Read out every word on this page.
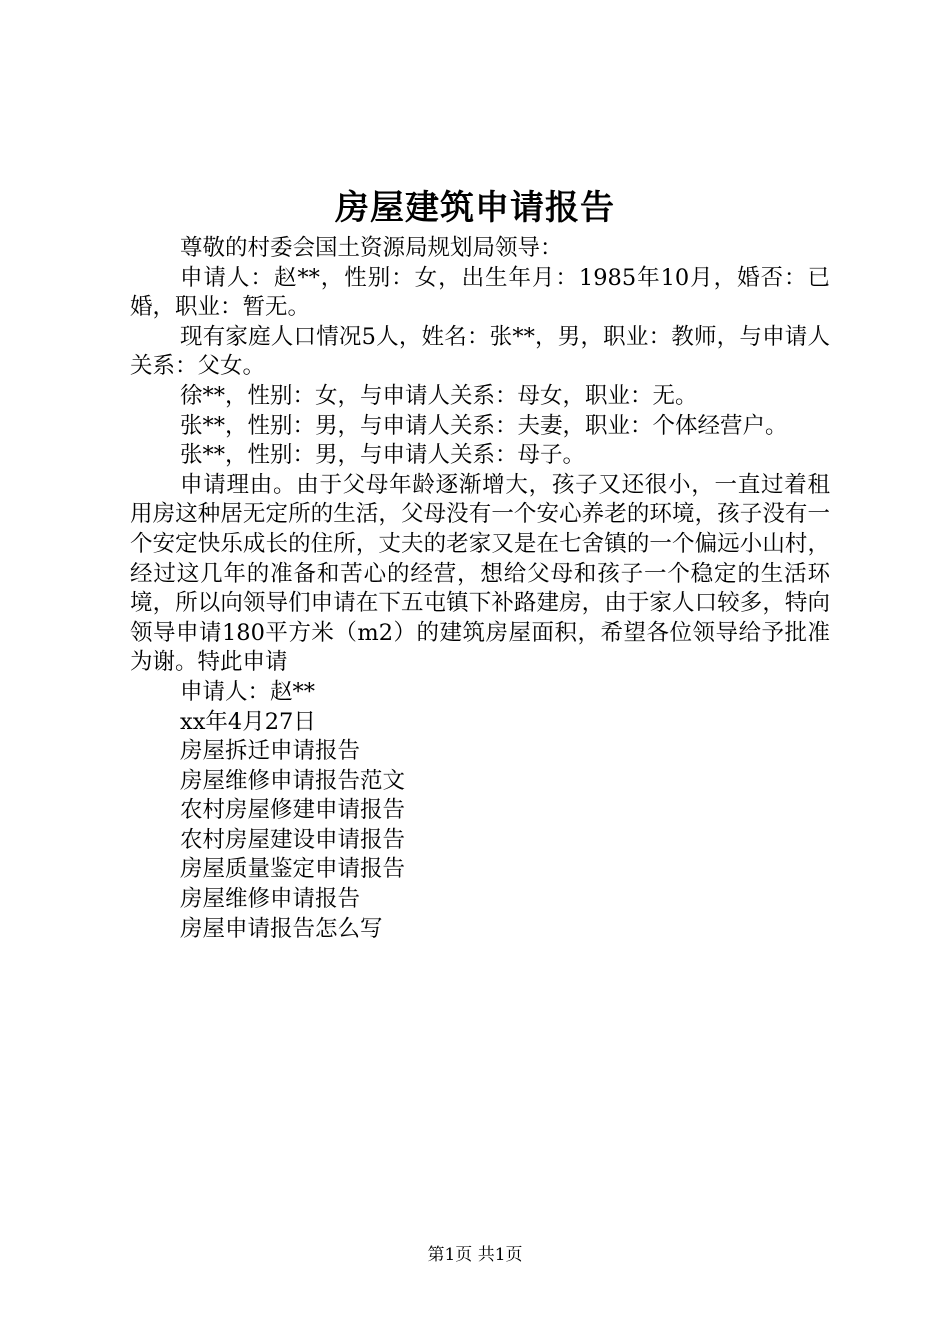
房屋建筑申请报告

尊敬的村委会国土资源局规划局领导：

申请人：赵**，性别：女，出生年月：1985年10月，婚否：已婚，职业：暂无。

现有家庭人口情况5人，姓名：张**，男，职业：教师，与申请人关系：父女。

徐**，性别：女，与申请人关系：母女，职业：无。

张**，性别：男，与申请人关系：夫妻，职业：个体经营户。

张**，性别：男，与申请人关系：母子。

申请理由。由于父母年龄逐渐增大，孩子又还很小，一直过着租用房这种居无定所的生活，父母没有一个安心养老的环境，孩子没有一个安定快乐成长的住所，丈夫的老家又是在七舍镇的一个偏远小山村，经过这几年的准备和苦心的经营，想给父母和孩子一个稳定的生活环境，所以向领导们申请在下五屯镇下补路建房，由于家人口较多，特向领导申请180平方米（m2）的建筑房屋面积，希望各位领导给予批准为谢。特此申请

申请人：赵**

xx年4月27日

房屋拆迁申请报告

房屋维修申请报告范文

农村房屋修建申请报告

农村房屋建设申请报告

房屋质量鉴定申请报告

房屋维修申请报告

房屋申请报告怎么写

第1页 共1页
